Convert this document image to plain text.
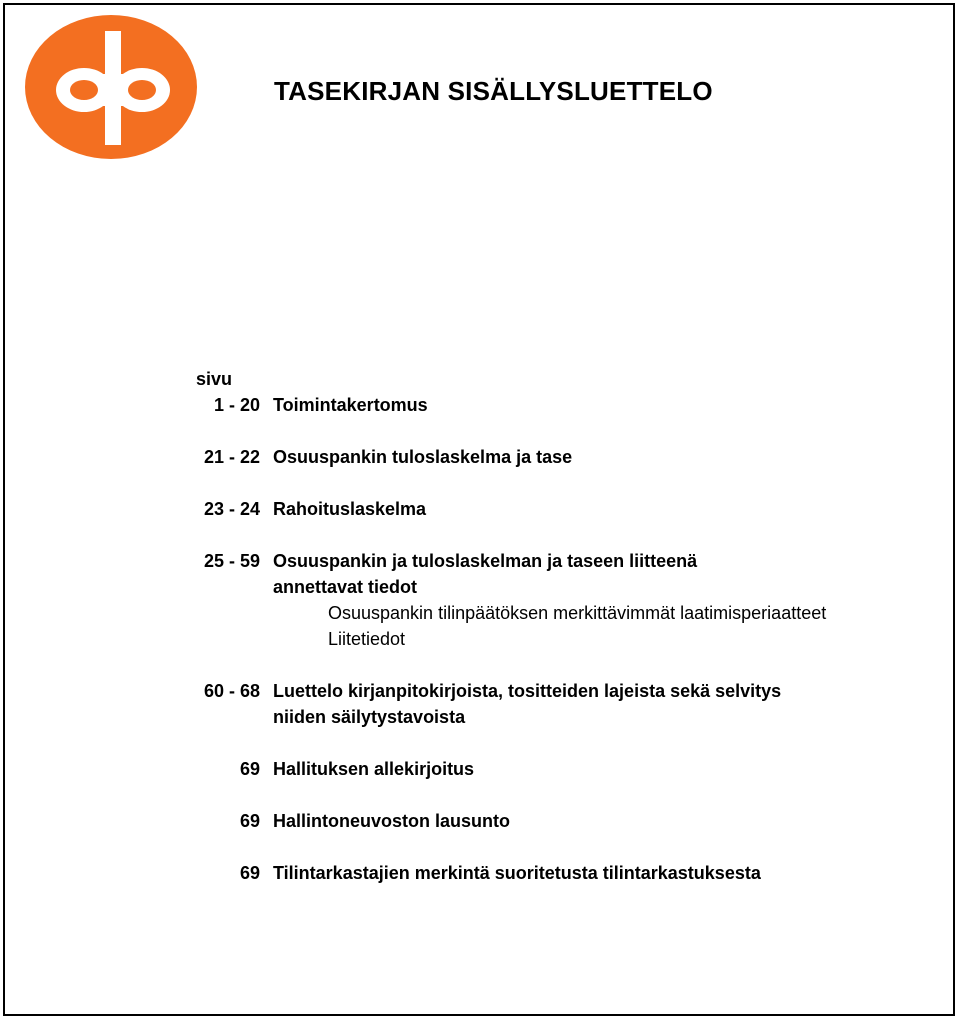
TASEKIRJAN SISÄLLYSLUETTELO
sivu
1 - 20 Toimintakertomus
21 - 22 Osuuspankin tuloslaskelma ja tase
23 - 24 Rahoituslaskelma
25 - 59 Osuuspankin ja tuloslaskelman ja taseen liitteenä
annettavat tiedot
Osuuspankin tilinpäätöksen merkittävimmät laatimisperiaatteet
Liitetiedot
60 - 68 Luettelo kirjanpitokirjoista, tositteiden lajeista sekä selvitys
niiden säilytystavoista
69 Hallituksen allekirjoitus
69 Hallintoneuvoston lausunto
69 Tilintarkastajien merkintä suoritetusta tilintarkastuksesta
